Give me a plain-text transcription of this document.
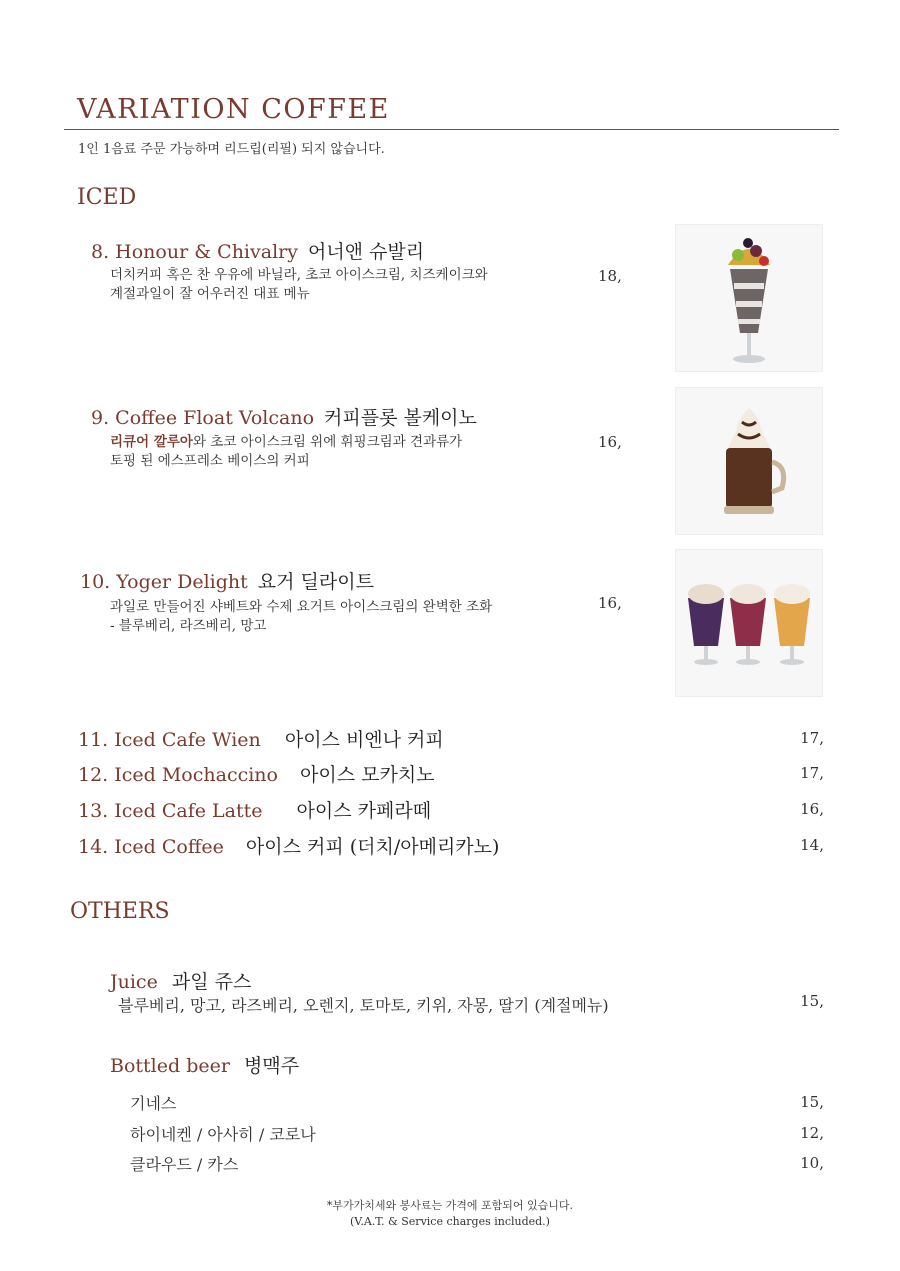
VARIATION COFFEE
1인 1음료 주문 가능하며 리드립(리필) 되지 않습니다.
ICED
8. Honour & Chivalry 어너앤 슈발리
더치커피 혹은 찬 우유에 바닐라, 초코 아이스크림, 치즈케이크와
계절과일이 잘 어우러진 대표 메뉴
18,
9. Coffee Float Volcano 커피플롯 볼케이노
리큐어 깔루아와 초코 아이스크림 위에 휘핑크림과 견과류가
토핑 된 에스프레소 베이스의 커피
16,
10. Yoger Delight 요거 딜라이트
과일로 만들어진 샤베트와 수제 요거트 아이스크림의 완벽한 조화
- 블루베리, 라즈베리, 망고
16,
11. Iced Cafe Wien 아이스 비엔나 커피	17,
12. Iced Mochaccino 아이스 모카치노	17,
13. Iced Cafe Latte 아이스 카페라떼	16,
14. Iced Coffee 아이스 커피 (더치/아메리카노)	14,
OTHERS
Juice 과일 쥬스
블루베리, 망고, 라즈베리, 오렌지, 토마토, 키위, 자몽, 딸기 (계절메뉴)	15,
Bottled beer 병맥주
기네스	15,
하이네켄 / 아사히 / 코로나	12,
클라우드 / 카스	10,
*부가가치세와 봉사료는 가격에 포함되어 있습니다.
(V.A.T. & Service charges included.)
